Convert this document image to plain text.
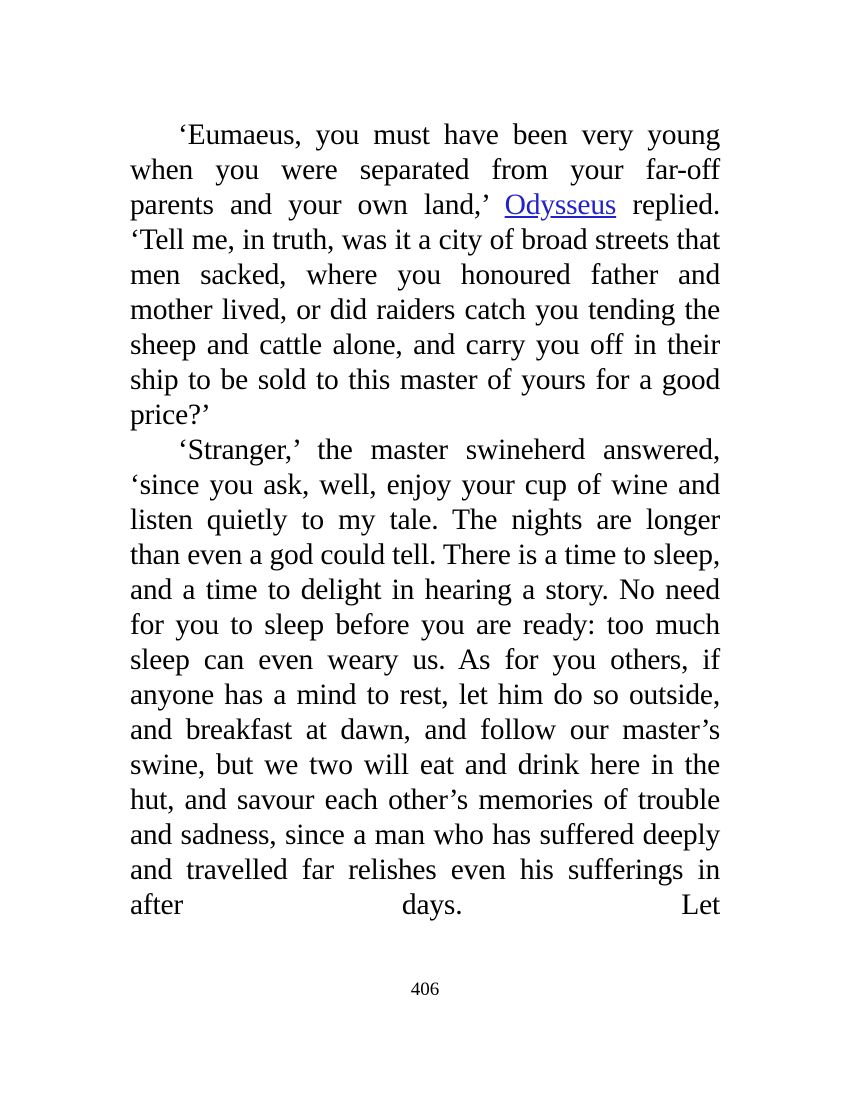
‘Eumaeus, you must have been very young when you were separated from your far-off parents and your own land,’ Odysseus replied. ‘Tell me, in truth, was it a city of broad streets that men sacked, where you honoured father and mother lived, or did raiders catch you tending the sheep and cattle alone, and carry you off in their ship to be sold to this master of yours for a good price?’

‘Stranger,’ the master swineherd answered, ‘since you ask, well, enjoy your cup of wine and listen quietly to my tale. The nights are longer than even a god could tell. There is a time to sleep, and a time to delight in hearing a story. No need for you to sleep before you are ready: too much sleep can even weary us. As for you others, if anyone has a mind to rest, let him do so outside, and breakfast at dawn, and follow our master’s swine, but we two will eat and drink here in the hut, and savour each other’s memories of trouble and sadness, since a man who has suffered deeply and travelled far relishes even his sufferings in after days. Let

406
